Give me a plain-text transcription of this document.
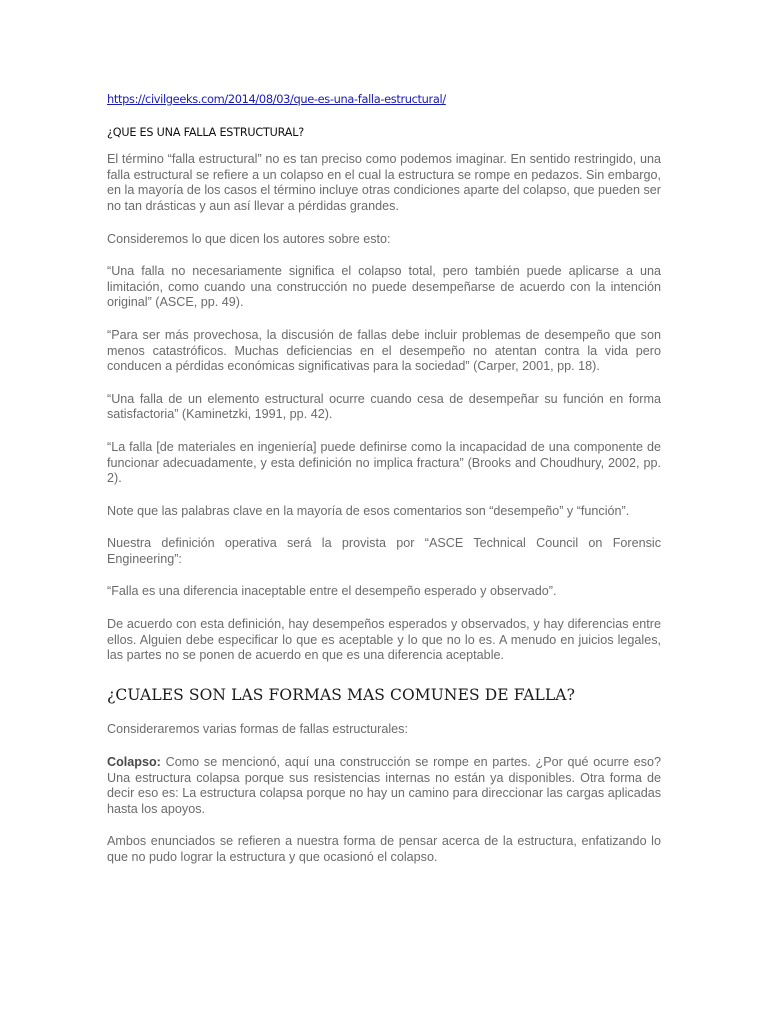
https://civilgeeks.com/2014/08/03/que-es-una-falla-estructural/
¿QUE ES UNA FALLA ESTRUCTURAL?

El término “falla estructural” no es tan preciso como podemos imaginar. En sentido restringido, una falla estructural se refiere a un colapso en el cual la estructura se rompe en pedazos. Sin embargo, en la mayoría de los casos el término incluye otras condiciones aparte del colapso, que pueden ser no tan drásticas y aun así llevar a pérdidas grandes.

Consideremos lo que dicen los autores sobre esto:

“Una falla no necesariamente significa el colapso total, pero también puede aplicarse a una limitación, como cuando una construcción no puede desempeñarse de acuerdo con la intención original” (ASCE, pp. 49).

“Para ser más provechosa, la discusión de fallas debe incluir problemas de desempeño que son menos catastróficos. Muchas deficiencias en el desempeño no atentan contra la vida pero conducen a pérdidas económicas significativas para la sociedad” (Carper, 2001, pp. 18).

“Una falla de un elemento estructural ocurre cuando cesa de desempeñar su función en forma satisfactoria” (Kaminetzki, 1991, pp. 42).

“La falla [de materiales en ingeniería] puede definirse como la incapacidad de una componente de funcionar adecuadamente, y esta definición no implica fractura” (Brooks and Choudhury, 2002, pp. 2).

Note que las palabras clave en la mayoría de esos comentarios son “desempeño” y “función”.

Nuestra definición operativa será la provista por “ASCE Technical Council on Forensic Engineering”:

“Falla es una diferencia inaceptable entre el desempeño esperado y observado”.

De acuerdo con esta definición, hay desempeños esperados y observados, y hay diferencias entre ellos. Alguien debe especificar lo que es aceptable y lo que no lo es. A menudo en juicios legales, las partes no se ponen de acuerdo en que es una diferencia aceptable.

¿CUALES SON LAS FORMAS MAS COMUNES DE FALLA?

Consideraremos varias formas de fallas estructurales:

Colapso: Como se mencionó, aquí una construcción se rompe en partes. ¿Por qué ocurre eso? Una estructura colapsa porque sus resistencias internas no están ya disponibles. Otra forma de decir eso es: La estructura colapsa porque no hay un camino para direccionar las cargas aplicadas hasta los apoyos.

Ambos enunciados se refieren a nuestra forma de pensar acerca de la estructura, enfatizando lo que no pudo lograr la estructura y que ocasionó el colapso.
